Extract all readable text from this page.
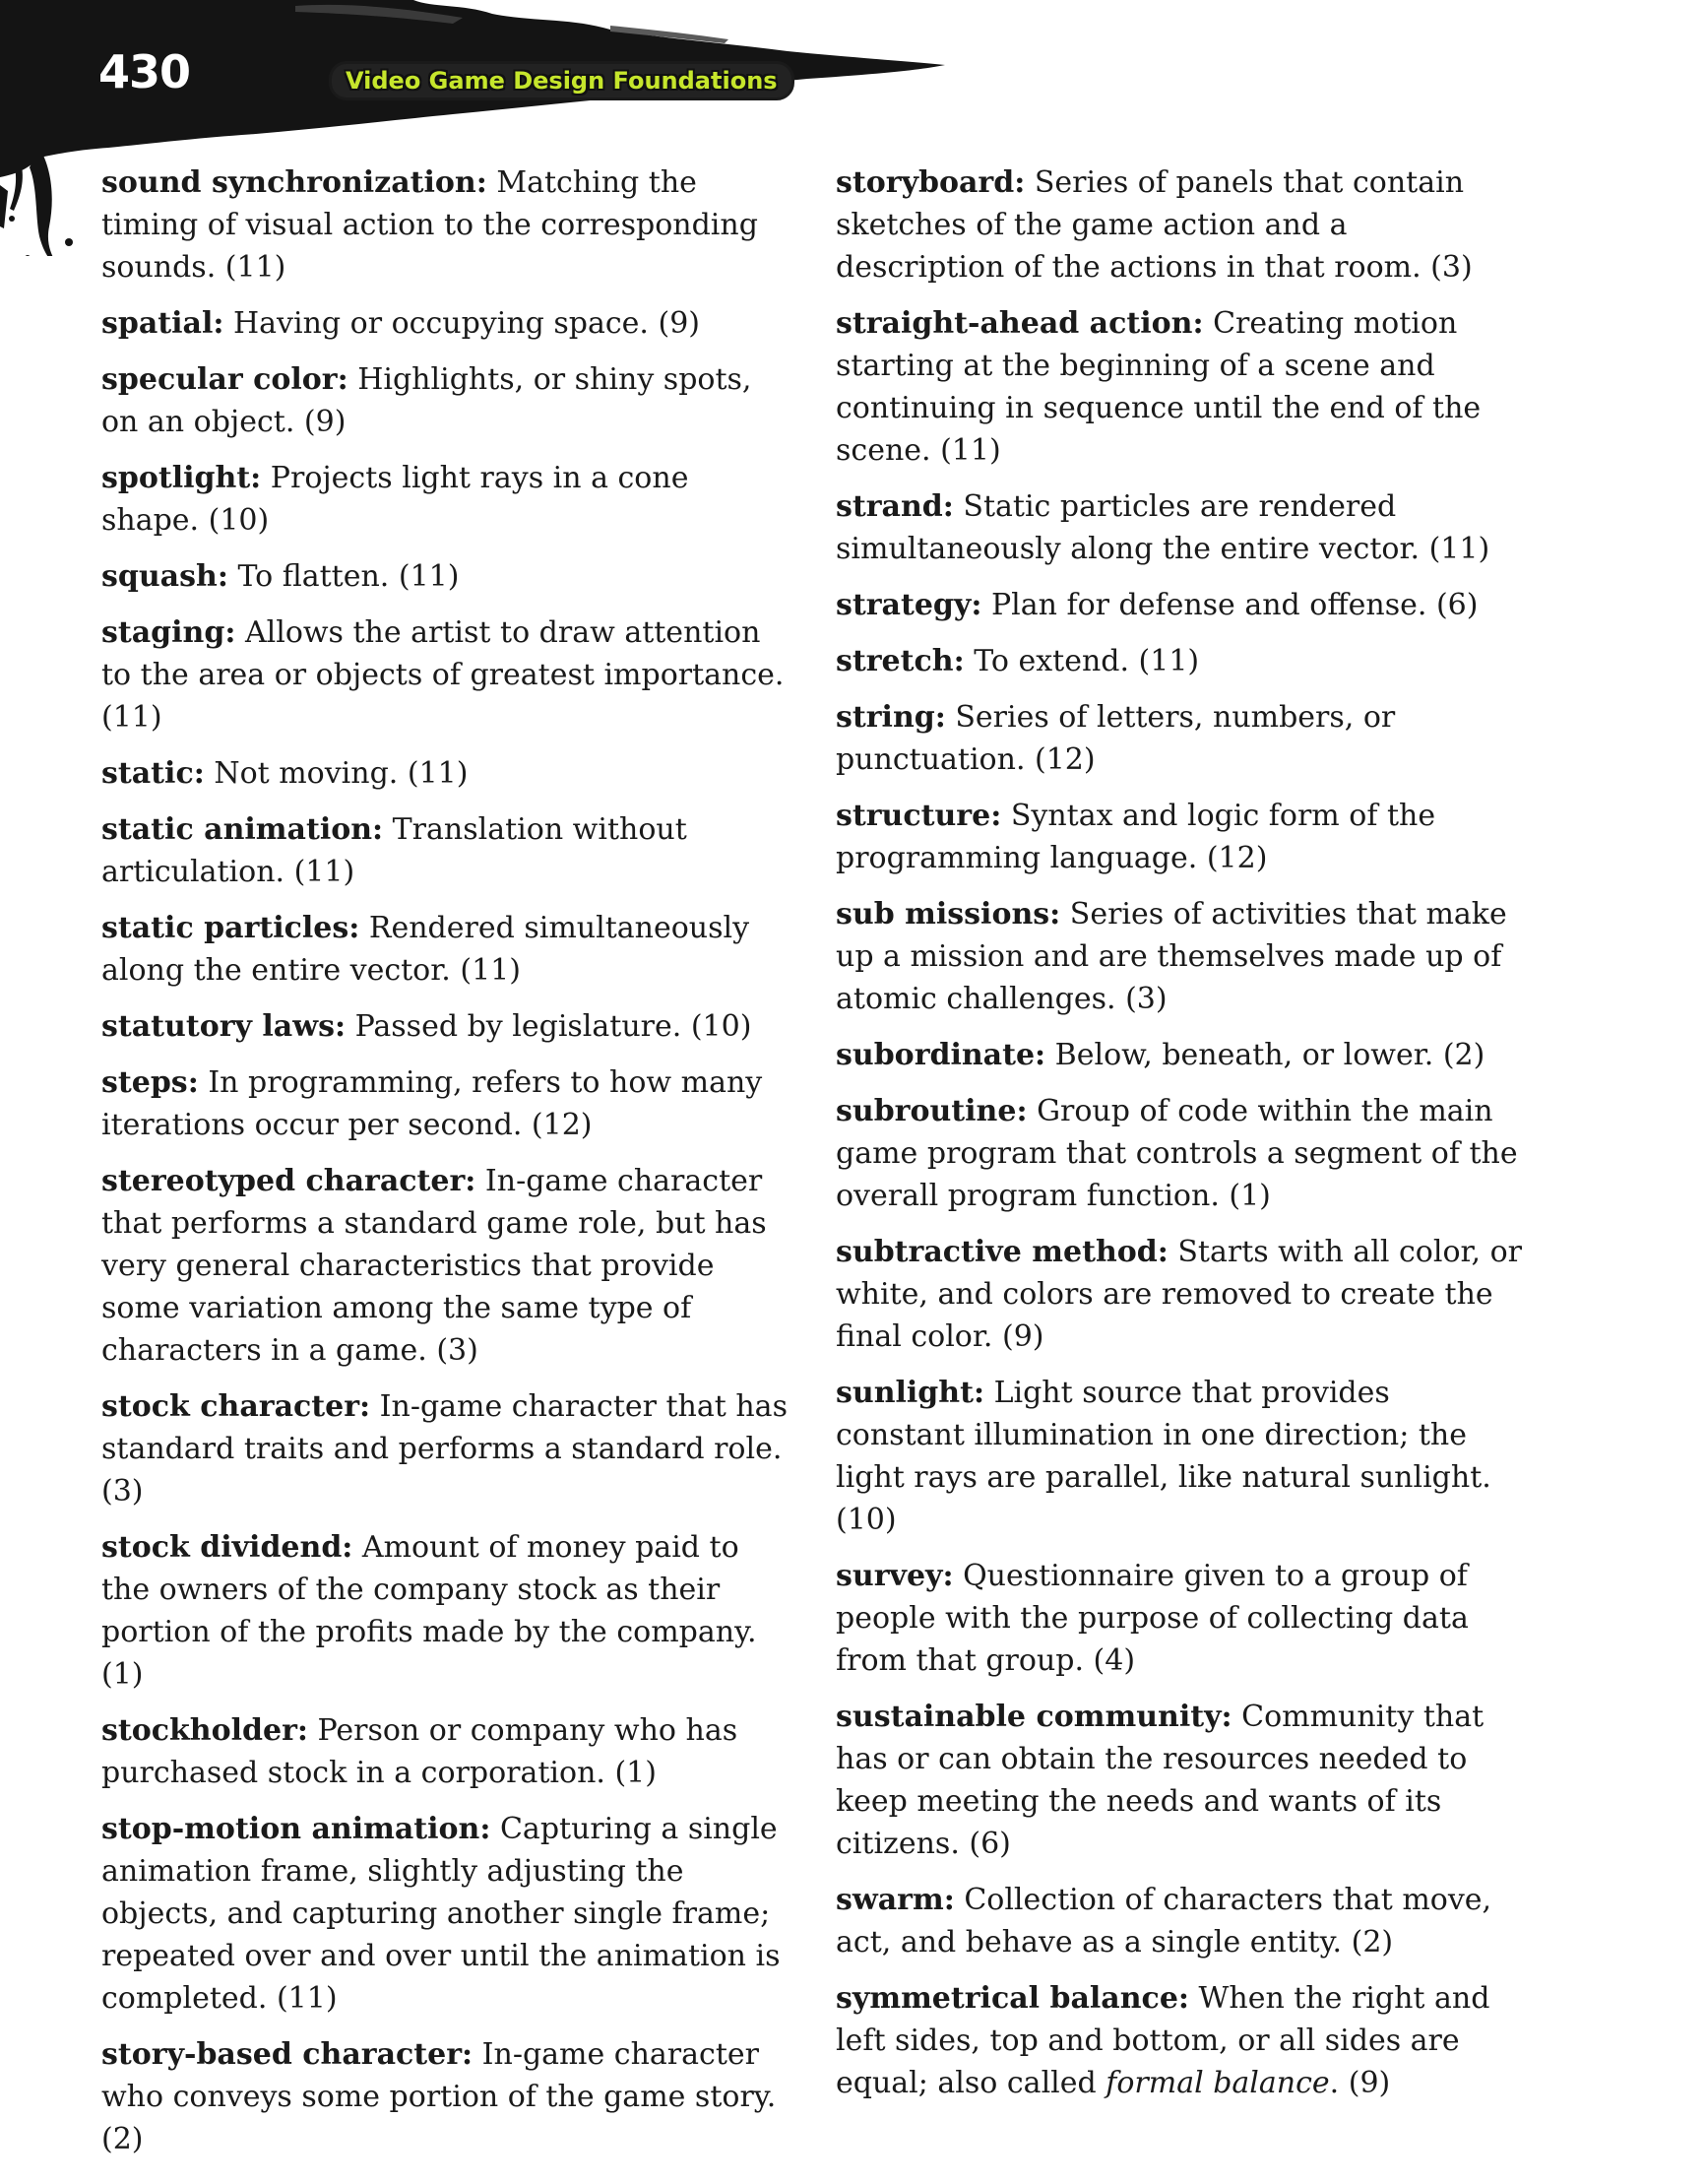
430	Video Game Design Foundations

sound synchronization: Matching the timing of visual action to the corresponding sounds. (11)

spatial: Having or occupying space. (9)

specular color: Highlights, or shiny spots, on an object. (9)

spotlight: Projects light rays in a cone shape. (10)

squash: To flatten. (11)

staging: Allows the artist to draw attention to the area or objects of greatest importance. (11)

static: Not moving. (11)

static animation: Translation without articulation. (11)

static particles: Rendered simultaneously along the entire vector. (11)

statutory laws: Passed by legislature. (10)

steps: In programming, refers to how many iterations occur per second. (12)

stereotyped character: In-game character that performs a standard game role, but has very general characteristics that provide some variation among the same type of characters in a game. (3)

stock character: In-game character that has standard traits and performs a standard role. (3)

stock dividend: Amount of money paid to the owners of the company stock as their portion of the profits made by the company. (1)

stockholder: Person or company who has purchased stock in a corporation. (1)

stop-motion animation: Capturing a single animation frame, slightly adjusting the objects, and capturing another single frame; repeated over and over until the animation is completed. (11)

story-based character: In-game character who conveys some portion of the game story. (2)

storyboard: Series of panels that contain sketches of the game action and a description of the actions in that room. (3)

straight-ahead action: Creating motion starting at the beginning of a scene and continuing in sequence until the end of the scene. (11)

strand: Static particles are rendered simultaneously along the entire vector. (11)

strategy: Plan for defense and offense. (6)

stretch: To extend. (11)

string: Series of letters, numbers, or punctuation. (12)

structure: Syntax and logic form of the programming language. (12)

sub missions: Series of activities that make up a mission and are themselves made up of atomic challenges. (3)

subordinate: Below, beneath, or lower. (2)

subroutine: Group of code within the main game program that controls a segment of the overall program function. (1)

subtractive method: Starts with all color, or white, and colors are removed to create the final color. (9)

sunlight: Light source that provides constant illumination in one direction; the light rays are parallel, like natural sunlight. (10)

survey: Questionnaire given to a group of people with the purpose of collecting data from that group. (4)

sustainable community: Community that has or can obtain the resources needed to keep meeting the needs and wants of its citizens. (6)

swarm: Collection of characters that move, act, and behave as a single entity. (2)

symmetrical balance: When the right and left sides, top and bottom, or all sides are equal; also called formal balance. (9)
